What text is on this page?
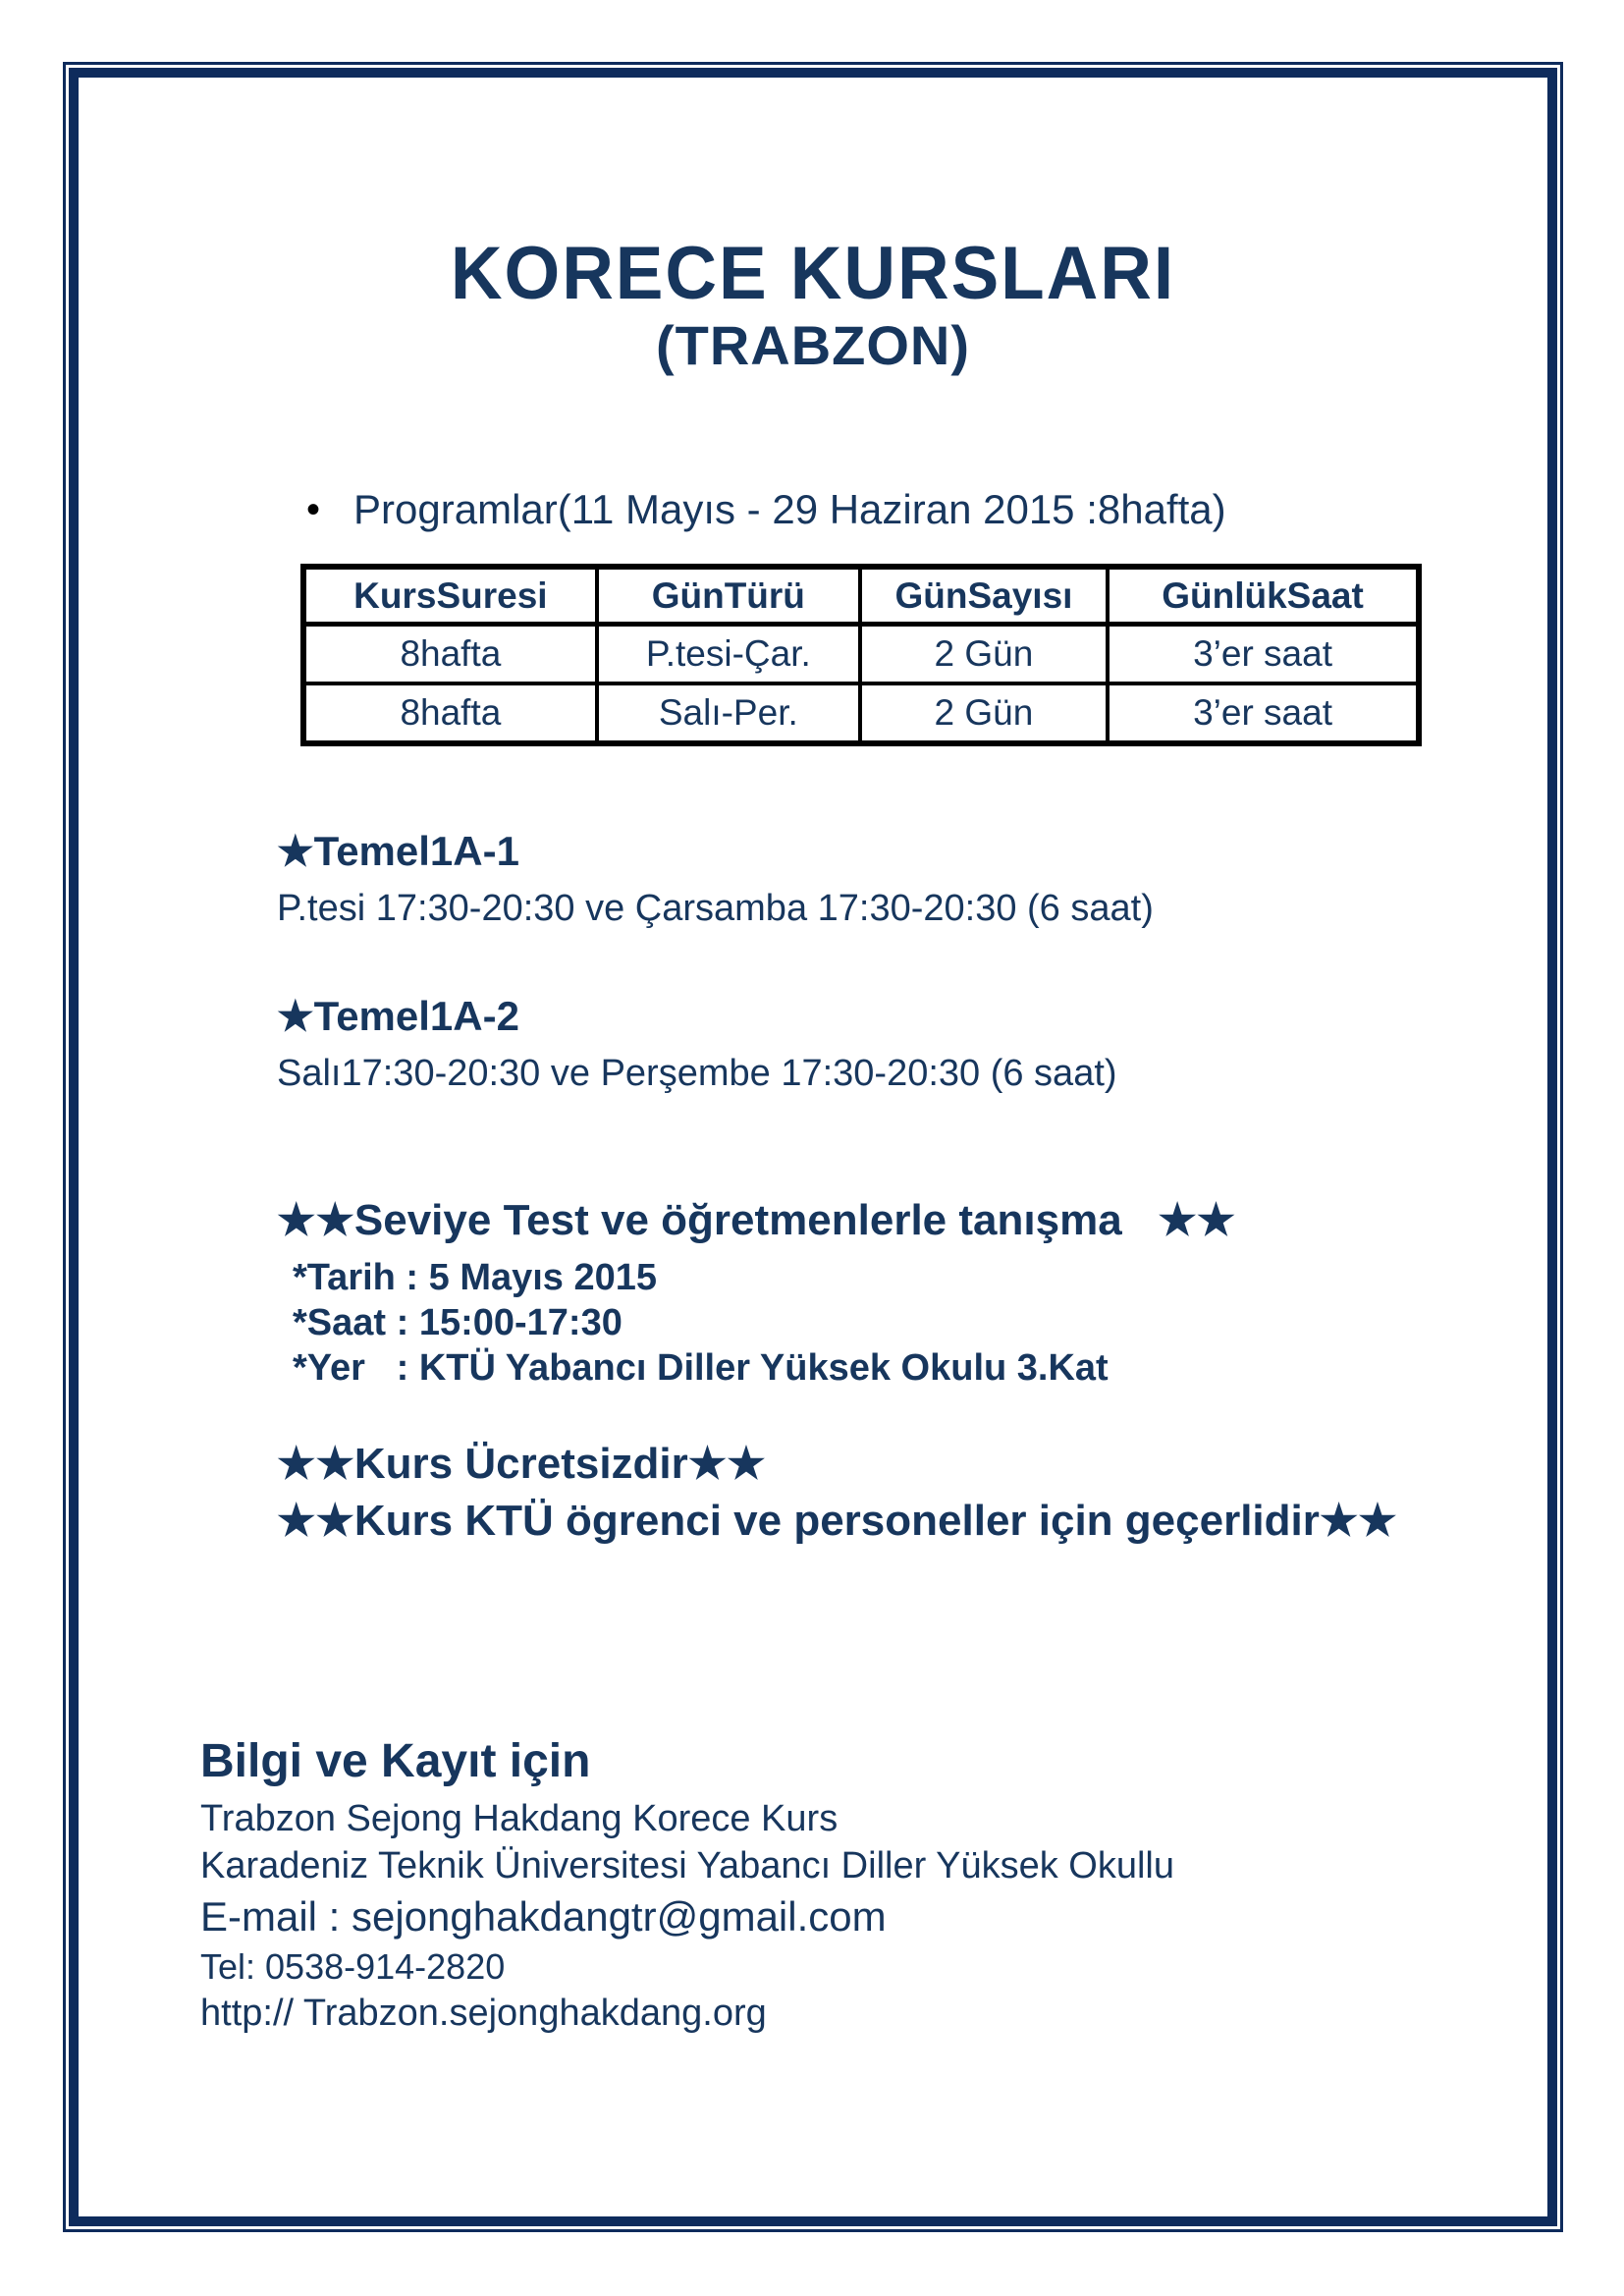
KORECE KURSLARI
(TRABZON)
• Programlar(11 Mayıs - 29 Haziran 2015 :8hafta)
KursSuresi	GünTürü	GünSayısı	GünlükSaat
8hafta	P.tesi-Çar.	2 Gün	3’er saat
8hafta	Salı-Per.	2 Gün	3’er saat
★Temel1A-1
P.tesi 17:30-20:30 ve Çarsamba 17:30-20:30 (6 saat)
★Temel1A-2
Salı17:30-20:30 ve Perşembe 17:30-20:30 (6 saat)
★★Seviye Test ve öğretmenlerle tanışma   ★★
*Tarih : 5 Mayıs 2015
*Saat : 15:00-17:30
*Yer   : KTÜ Yabancı Diller Yüksek Okulu 3.Kat
★★Kurs Ücretsizdir★★
★★Kurs KTÜ ögrenci ve personeller için geçerlidir★★
Bilgi ve Kayıt için
Trabzon Sejong Hakdang Korece Kurs
Karadeniz Teknik Üniversitesi Yabancı Diller Yüksek Okullu
E-mail : sejonghakdangtr@gmail.com
Tel: 0538-914-2820
http:// Trabzon.sejonghakdang.org
